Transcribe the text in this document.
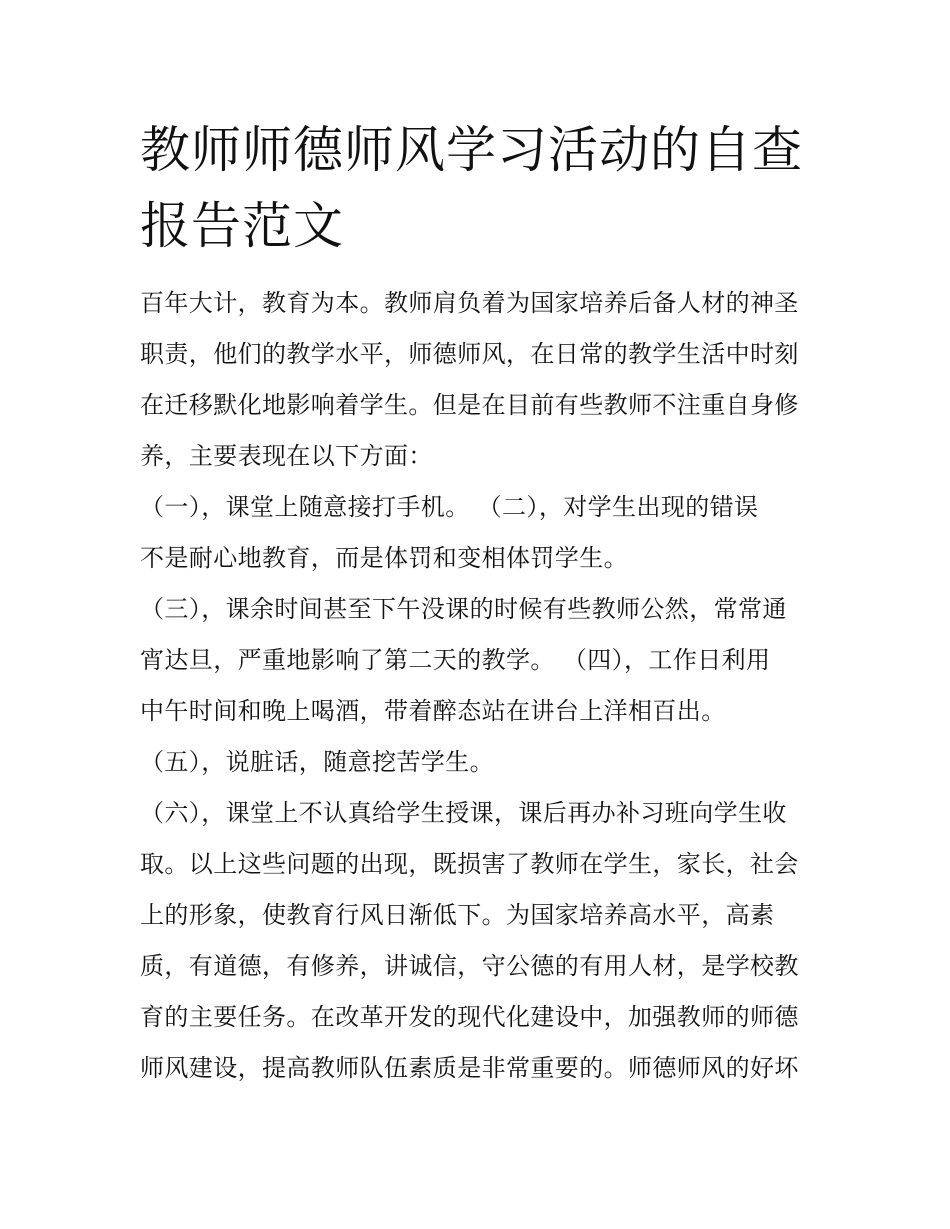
教师师德师风学习活动的自查
报告范文
百年大计，教育为本。教师肩负着为国家培养后备人材的神圣
职责，他们的教学水平，师德师风，在日常的教学生活中时刻
在迁移默化地影响着学生。但是在目前有些教师不注重自身修
养，主要表现在以下方面：
（一），课堂上随意接打手机。 （二），对学生出现的错误
不是耐心地教育，而是体罚和变相体罚学生。
（三），课余时间甚至下午没课的时候有些教师公然，常常通
宵达旦，严重地影响了第二天的教学。 （四），工作日利用
中午时间和晚上喝酒，带着醉态站在讲台上洋相百出。
（五），说脏话，随意挖苦学生。
（六），课堂上不认真给学生授课，课后再办补习班向学生收
取。以上这些问题的出现，既损害了教师在学生，家长，社会
上的形象，使教育行风日渐低下。为国家培养高水平，高素
质，有道德，有修养，讲诚信，守公德的有用人材，是学校教
育的主要任务。在改革开发的现代化建设中，加强教师的师德
师风建设，提高教师队伍素质是非常重要的。师德师风的好坏
